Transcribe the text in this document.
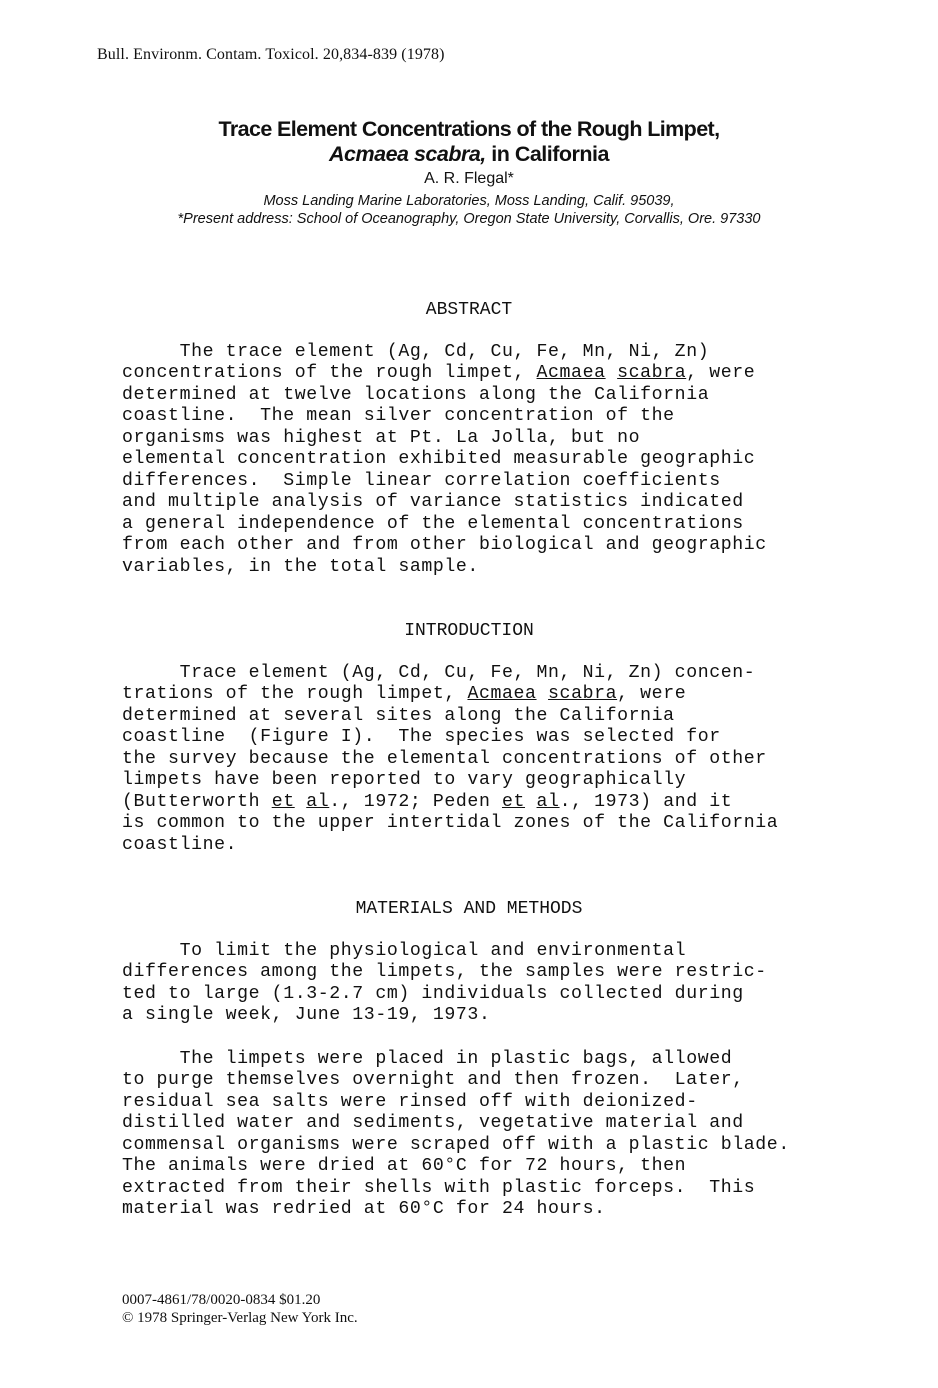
Bull. Environm. Contam. Toxicol. 20,834-839 (1978)
Trace Element Concentrations of the Rough Limpet,
Acmaea scabra, in California
A. R. Flegal*
Moss Landing Marine Laboratories, Moss Landing, Calif. 95039,
*Present address: School of Oceanography, Oregon State University, Corvallis, Ore. 97330
ABSTRACT
The trace element (Ag, Cd, Cu, Fe, Mn, Ni, Zn)
concentrations of the rough limpet, Acmaea scabra, were
determined at twelve locations along the California
coastline.  The mean silver concentration of the
organisms was highest at Pt. La Jolla, but no
elemental concentration exhibited measurable geographic
differences.  Simple linear correlation coefficients
and multiple analysis of variance statistics indicated
a general independence of the elemental concentrations
from each other and from other biological and geographic
variables, in the total sample.
INTRODUCTION
Trace element (Ag, Cd, Cu, Fe, Mn, Ni, Zn) concen-
trations of the rough limpet, Acmaea scabra, were
determined at several sites along the California
coastline  (Figure I).  The species was selected for
the survey because the elemental concentrations of other
limpets have been reported to vary geographically
(Butterworth et al., 1972; Peden et al., 1973) and it
is common to the upper intertidal zones of the California
coastline.
MATERIALS AND METHODS
To limit the physiological and environmental
differences among the limpets, the samples were restric-
ted to large (1.3-2.7 cm) individuals collected during
a single week, June 13-19, 1973.
The limpets were placed in plastic bags, allowed
to purge themselves overnight and then frozen.  Later,
residual sea salts were rinsed off with deionized-
distilled water and sediments, vegetative material and
commensal organisms were scraped off with a plastic blade.
The animals were dried at 60°C for 72 hours, then
extracted from their shells with plastic forceps.  This
material was redried at 60°C for 24 hours.
0007-4861/78/0020-0834 $01.20
© 1978 Springer-Verlag New York Inc.
